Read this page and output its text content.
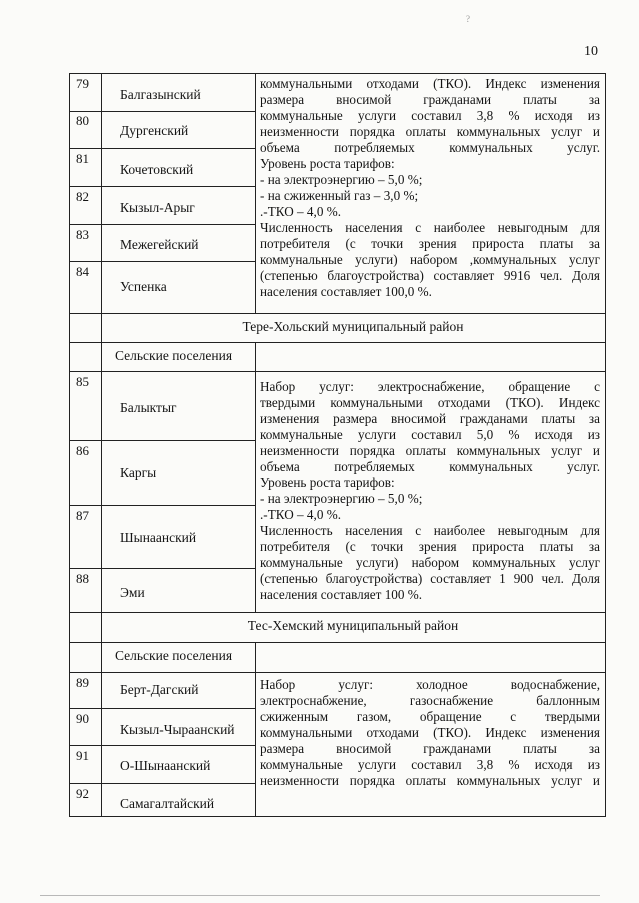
?
10
79
Балгазынский
80
Дургенский
81
Кочетовский
82
Кызыл-Арыг
83
Межегейский
84
Успенка

коммунальными отходами (ТКО). Индекс изменения

размера вносимой гражданами платы за

коммунальные услуги составил 3,8 % исходя из

неизменности порядка оплаты коммунальных услуг и

объема потребляемых коммунальных услуг.

Уровень роста тарифов:

- на электроэнергию – 5,0 %;

- на сжиженный газ – 3,0 %;

.-ТКО – 4,0 %.

Численность населения с наиболее невыгодным для

потребителя (с точки зрения прироста платы за

коммунальные услуги) набором ,коммунальных услуг

(степенью благоустройства) составляет 9916 чел. Доля

населения составляет 100,0 %.

Тере-Хольский муниципальный район
Сельские поселения
85
Балыктыг
86
Каргы
87
Шынаанский
88
Эми

Набор услуг: электроснабжение, обращение с

твердыми коммунальными отходами (ТКО). Индекс

изменения размера вносимой гражданами платы за

коммунальные услуги составил 5,0 % исходя из

неизменности порядка оплаты коммунальных услуг и

объема потребляемых коммунальных услуг.

Уровень роста тарифов:

- на электроэнергию – 5,0 %;

.-ТКО – 4,0 %.

Численность населения с наиболее невыгодным для

потребителя (с точки зрения прироста платы за

коммунальные услуги) набором коммунальных услуг

(степенью благоустройства) составляет 1 900 чел. Доля

населения составляет 100 %.

Тес-Хемский муниципальный район
Сельские поселения
89 Берт-Дагский
90
Кызыл-Чыраанский
91
О-Шынаанский
92
Самагалтайский

Набор услуг: холодное водоснабжение,

электроснабжение, газоснабжение баллонным

сжиженным газом, обращение с твердыми

коммунальными отходами (ТКО). Индекс изменения

размера вносимой гражданами платы за

коммунальные услуги составил 3,8 % исходя из

неизменности порядка оплаты коммунальных услуг и
